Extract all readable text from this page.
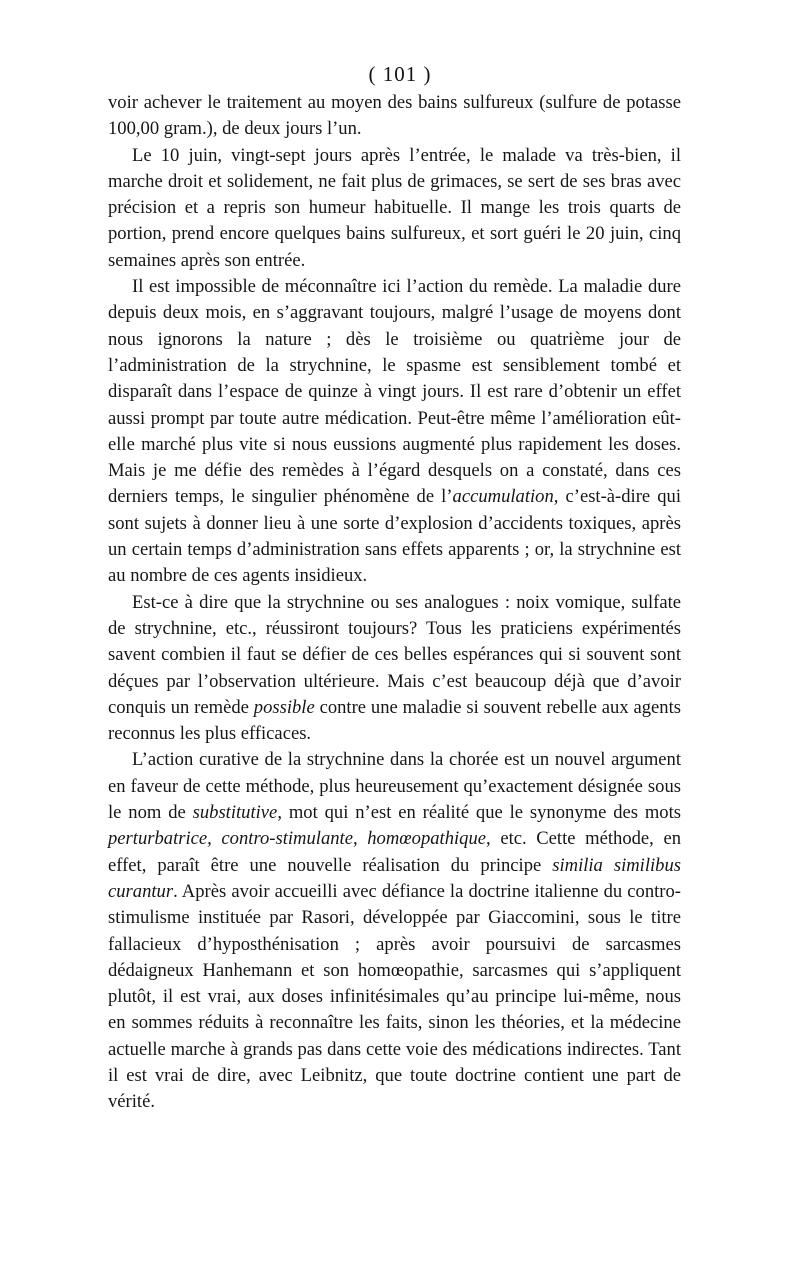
( 101 )

voir achever le traitement au moyen des bains sulfureux (sulfure de potasse 100,00 gram.), de deux jours l’un.

Le 10 juin, vingt-sept jours après l’entrée, le malade va très-bien, il marche droit et solidement, ne fait plus de grimaces, se sert de ses bras avec précision et a repris son humeur habituelle. Il mange les trois quarts de portion, prend encore quelques bains sulfureux, et sort guéri le 20 juin, cinq semaines après son entrée.

Il est impossible de méconnaître ici l’action du remède. La maladie dure depuis deux mois, en s’aggravant toujours, malgré l’usage de moyens dont nous ignorons la nature ; dès le troisième ou quatrième jour de l’administration de la strychnine, le spasme est sensiblement tombé et disparaît dans l’espace de quinze à vingt jours. Il est rare d’obtenir un effet aussi prompt par toute autre médication. Peut-être même l’amélioration eût-elle marché plus vite si nous eussions augmenté plus rapidement les doses. Mais je me défie des remèdes à l’égard desquels on a constaté, dans ces derniers temps, le singulier phénomène de l’accumulation, c’est-à-dire qui sont sujets à donner lieu à une sorte d’explosion d’accidents toxiques, après un certain temps d’administration sans effets apparents ; or, la strychnine est au nombre de ces agents insidieux.

Est-ce à dire que la strychnine ou ses analogues : noix vomique, sulfate de strychnine, etc., réussiront toujours? Tous les praticiens expérimentés savent combien il faut se défier de ces belles espérances qui si souvent sont déçues par l’observation ultérieure. Mais c’est beaucoup déjà que d’avoir conquis un remède possible contre une maladie si souvent rebelle aux agents reconnus les plus efficaces.

L’action curative de la strychnine dans la chorée est un nouvel argument en faveur de cette méthode, plus heureusement qu’exactement désignée sous le nom de substitutive, mot qui n’est en réalité que le synonyme des mots perturbatrice, contro-stimulante, homœopathique, etc. Cette méthode, en effet, paraît être une nouvelle réalisation du principe similia similibus curantur. Après avoir accueilli avec défiance la doctrine italienne du contro-stimulisme instituée par Rasori, développée par Giaccomini, sous le titre fallacieux d’hyposthénisation ; après avoir poursuivi de sarcasmes dédaigneux Hanhemann et son homœopathie, sarcasmes qui s’appliquent plutôt, il est vrai, aux doses infinitésimales qu’au principe lui-même, nous en sommes réduits à reconnaître les faits, sinon les théories, et la médecine actuelle marche à grands pas dans cette voie des médications indirectes. Tant il est vrai de dire, avec Leibnitz, que toute doctrine contient une part de vérité.
